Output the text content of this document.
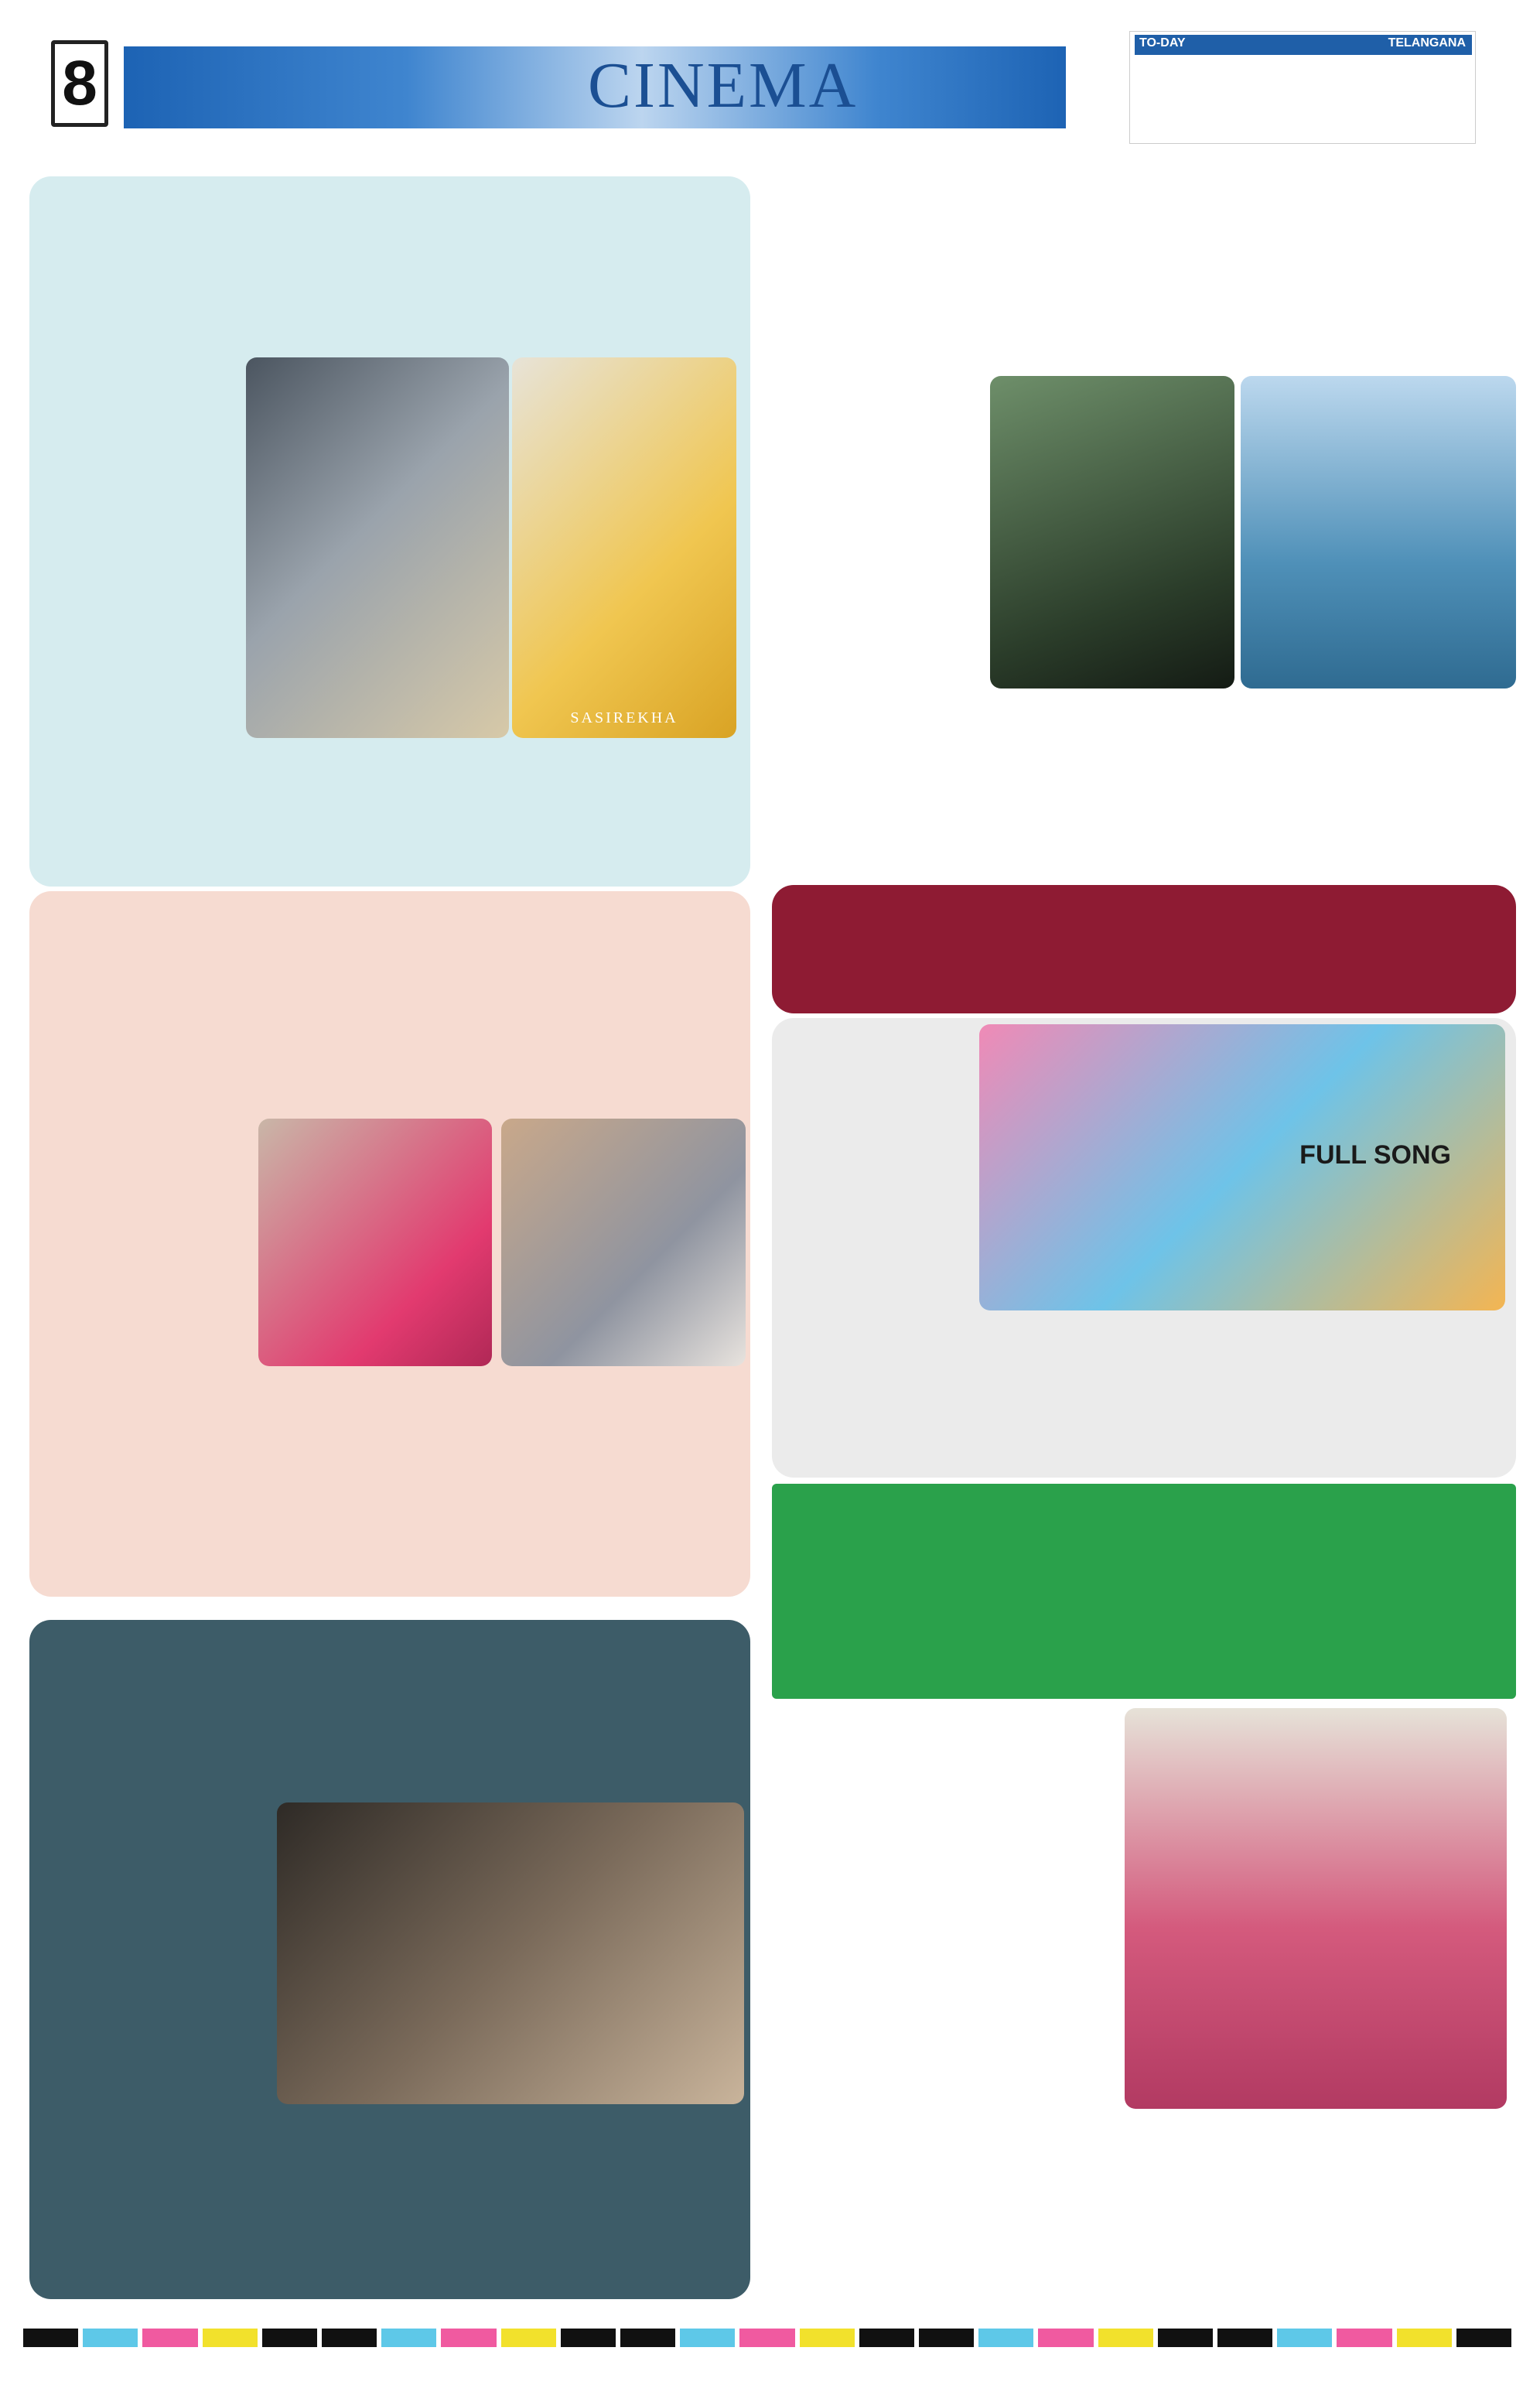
8	CINEMA
TO-DAY	TELANGANA
SASIREKHA
FULL SONG
